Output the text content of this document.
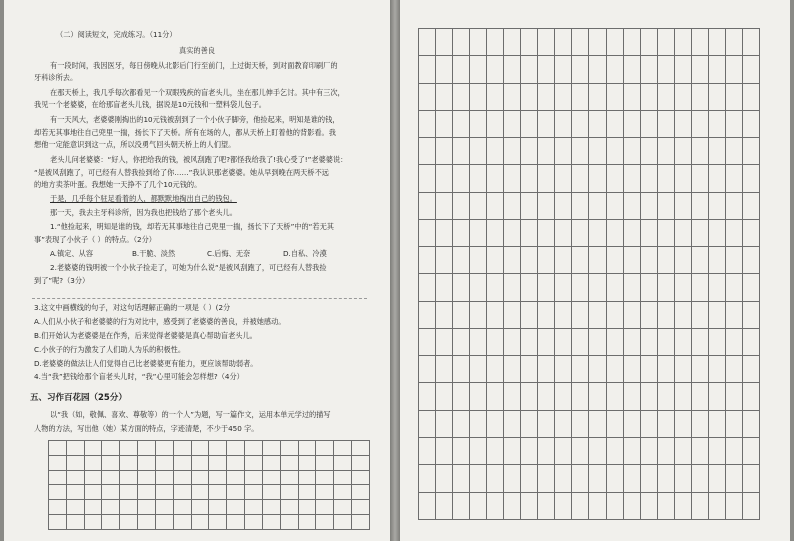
（二）阅读短文，完成练习。（11分）
真实的善良
有一段时间，我因医牙，每日傍晚从北影后门行至前门，上过街天桥，到对面教育印刷厂的
牙科诊所去。
在那天桥上，我几乎每次都看见一个双眼残疾的盲老头儿，坐在那儿伸手乞讨。其中有三次，
我见一个老婆婆，在给那盲老头儿钱，据说是10元钱和一塑料袋儿包子。
有一天风大，老婆婆刚掏出的10元钱被刮到了一个小伙子脚旁，他捡起来，明知是谁的钱，
却若无其事地往自己兜里一揣，扬长下了天桥。所有在场的人，都从天桥上盯着他的背影看。我
想他一定能意识到这一点，所以没勇气回头朝天桥上的人们望。
老头儿问老婆婆：“好人，你把给我的钱，被风刮跑了吧?都怪我给我了!我心受了!”老婆婆说：
“是被风刮跑了，可已经有人替我捡到给了你……”我认识那老婆婆。她从早到晚在两天桥不远
的地方卖茶叶蛋。我想她一天挣不了几个10元钱的。
于是，几乎每个驻足看着的人，都默默地掏出自己的钱包。
那一天，我去主牙科诊所，因为我也把钱给了那个老头儿。
1.“他捡起来，明知是谁的钱，却若无其事地往自己兜里一揣，扬长下了天桥”中的“若无其
事”表现了小伙子（ ）的特点。（2分）
A.镇定、从容	B.干脆、淡然	C.后悔、无奈	D.自私、冷漠
2.老婆婆的钱明被一个小伙子捡走了，可她为什么说“是被风刮跑了，可已经有人替我捡
到了”呢?（3分）
3.这文中画横线的句子，对这句话理解正确的一项是（ ）(2分
A.人们从小伙子和老婆婆的行为对比中，感受到了老婆婆的善良，并被她感动。
B.们开始认为老婆婆是在作秀，后来觉得老婆婆是真心帮助盲老头儿。
C.小伙子的行为激发了人们助人为乐的积极性。
D.老婆婆的做法让人们觉得自己比老婆婆更有能力，更应该帮助弱者。
4.当“我”把钱给那个盲老头儿时，“我”心里可能会怎样想?（4分）
五、习作百花园（25分）
以“我（如，敬佩、喜欢、尊敬等）的一个人”为题，写一篇作文，运用本单元学过的描写
人物的方法，写出他（她）某方面的特点，字迹清楚，不少于450 字。
